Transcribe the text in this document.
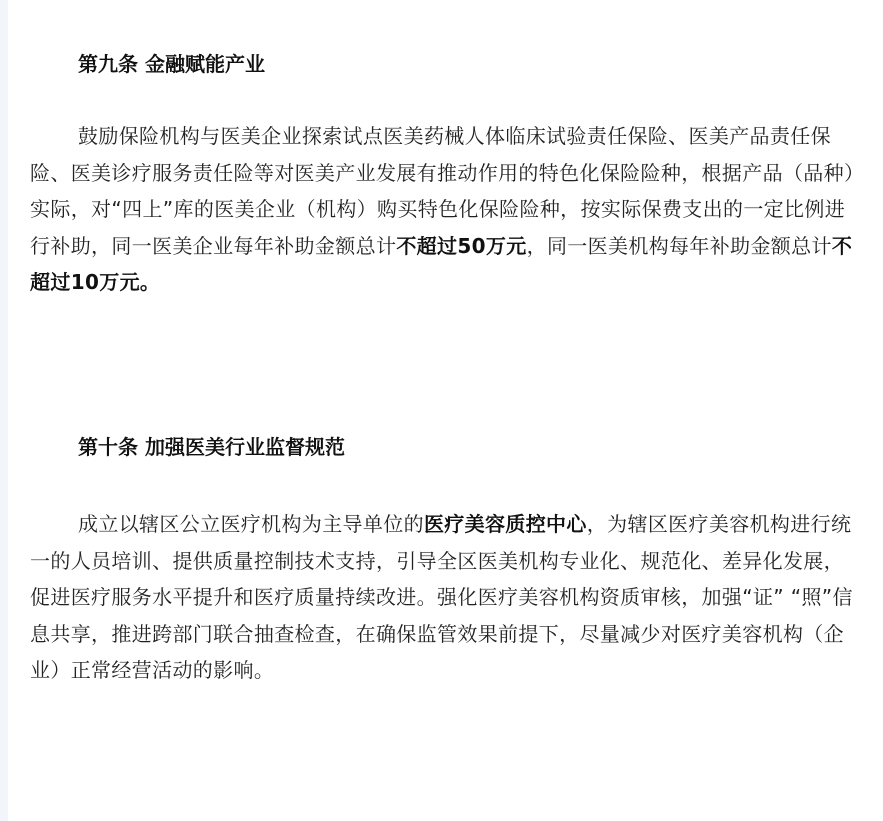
第九条 金融赋能产业

鼓励保险机构与医美企业探索试点医美药械人体临床试验责任保险、医美产品责任保险、医美诊疗服务责任险等对医美产业发展有推动作用的特色化保险险种，根据产品（品种）实际，对“四上”库的医美企业（机构）购买特色化保险险种，按实际保费支出的一定比例进行补助，同一医美企业每年补助金额总计不超过50万元，同一医美机构每年补助金额总计不超过10万元。

第十条 加强医美行业监督规范

成立以辖区公立医疗机构为主导单位的医疗美容质控中心，为辖区医疗美容机构进行统一的人员培训、提供质量控制技术支持，引导全区医美机构专业化、规范化、差异化发展，促进医疗服务水平提升和医疗质量持续改进。强化医疗美容机构资质审核，加强“证” “照”信息共享，推进跨部门联合抽查检查，在确保监管效果前提下，尽量减少对医疗美容机构（企业）正常经营活动的影响。
